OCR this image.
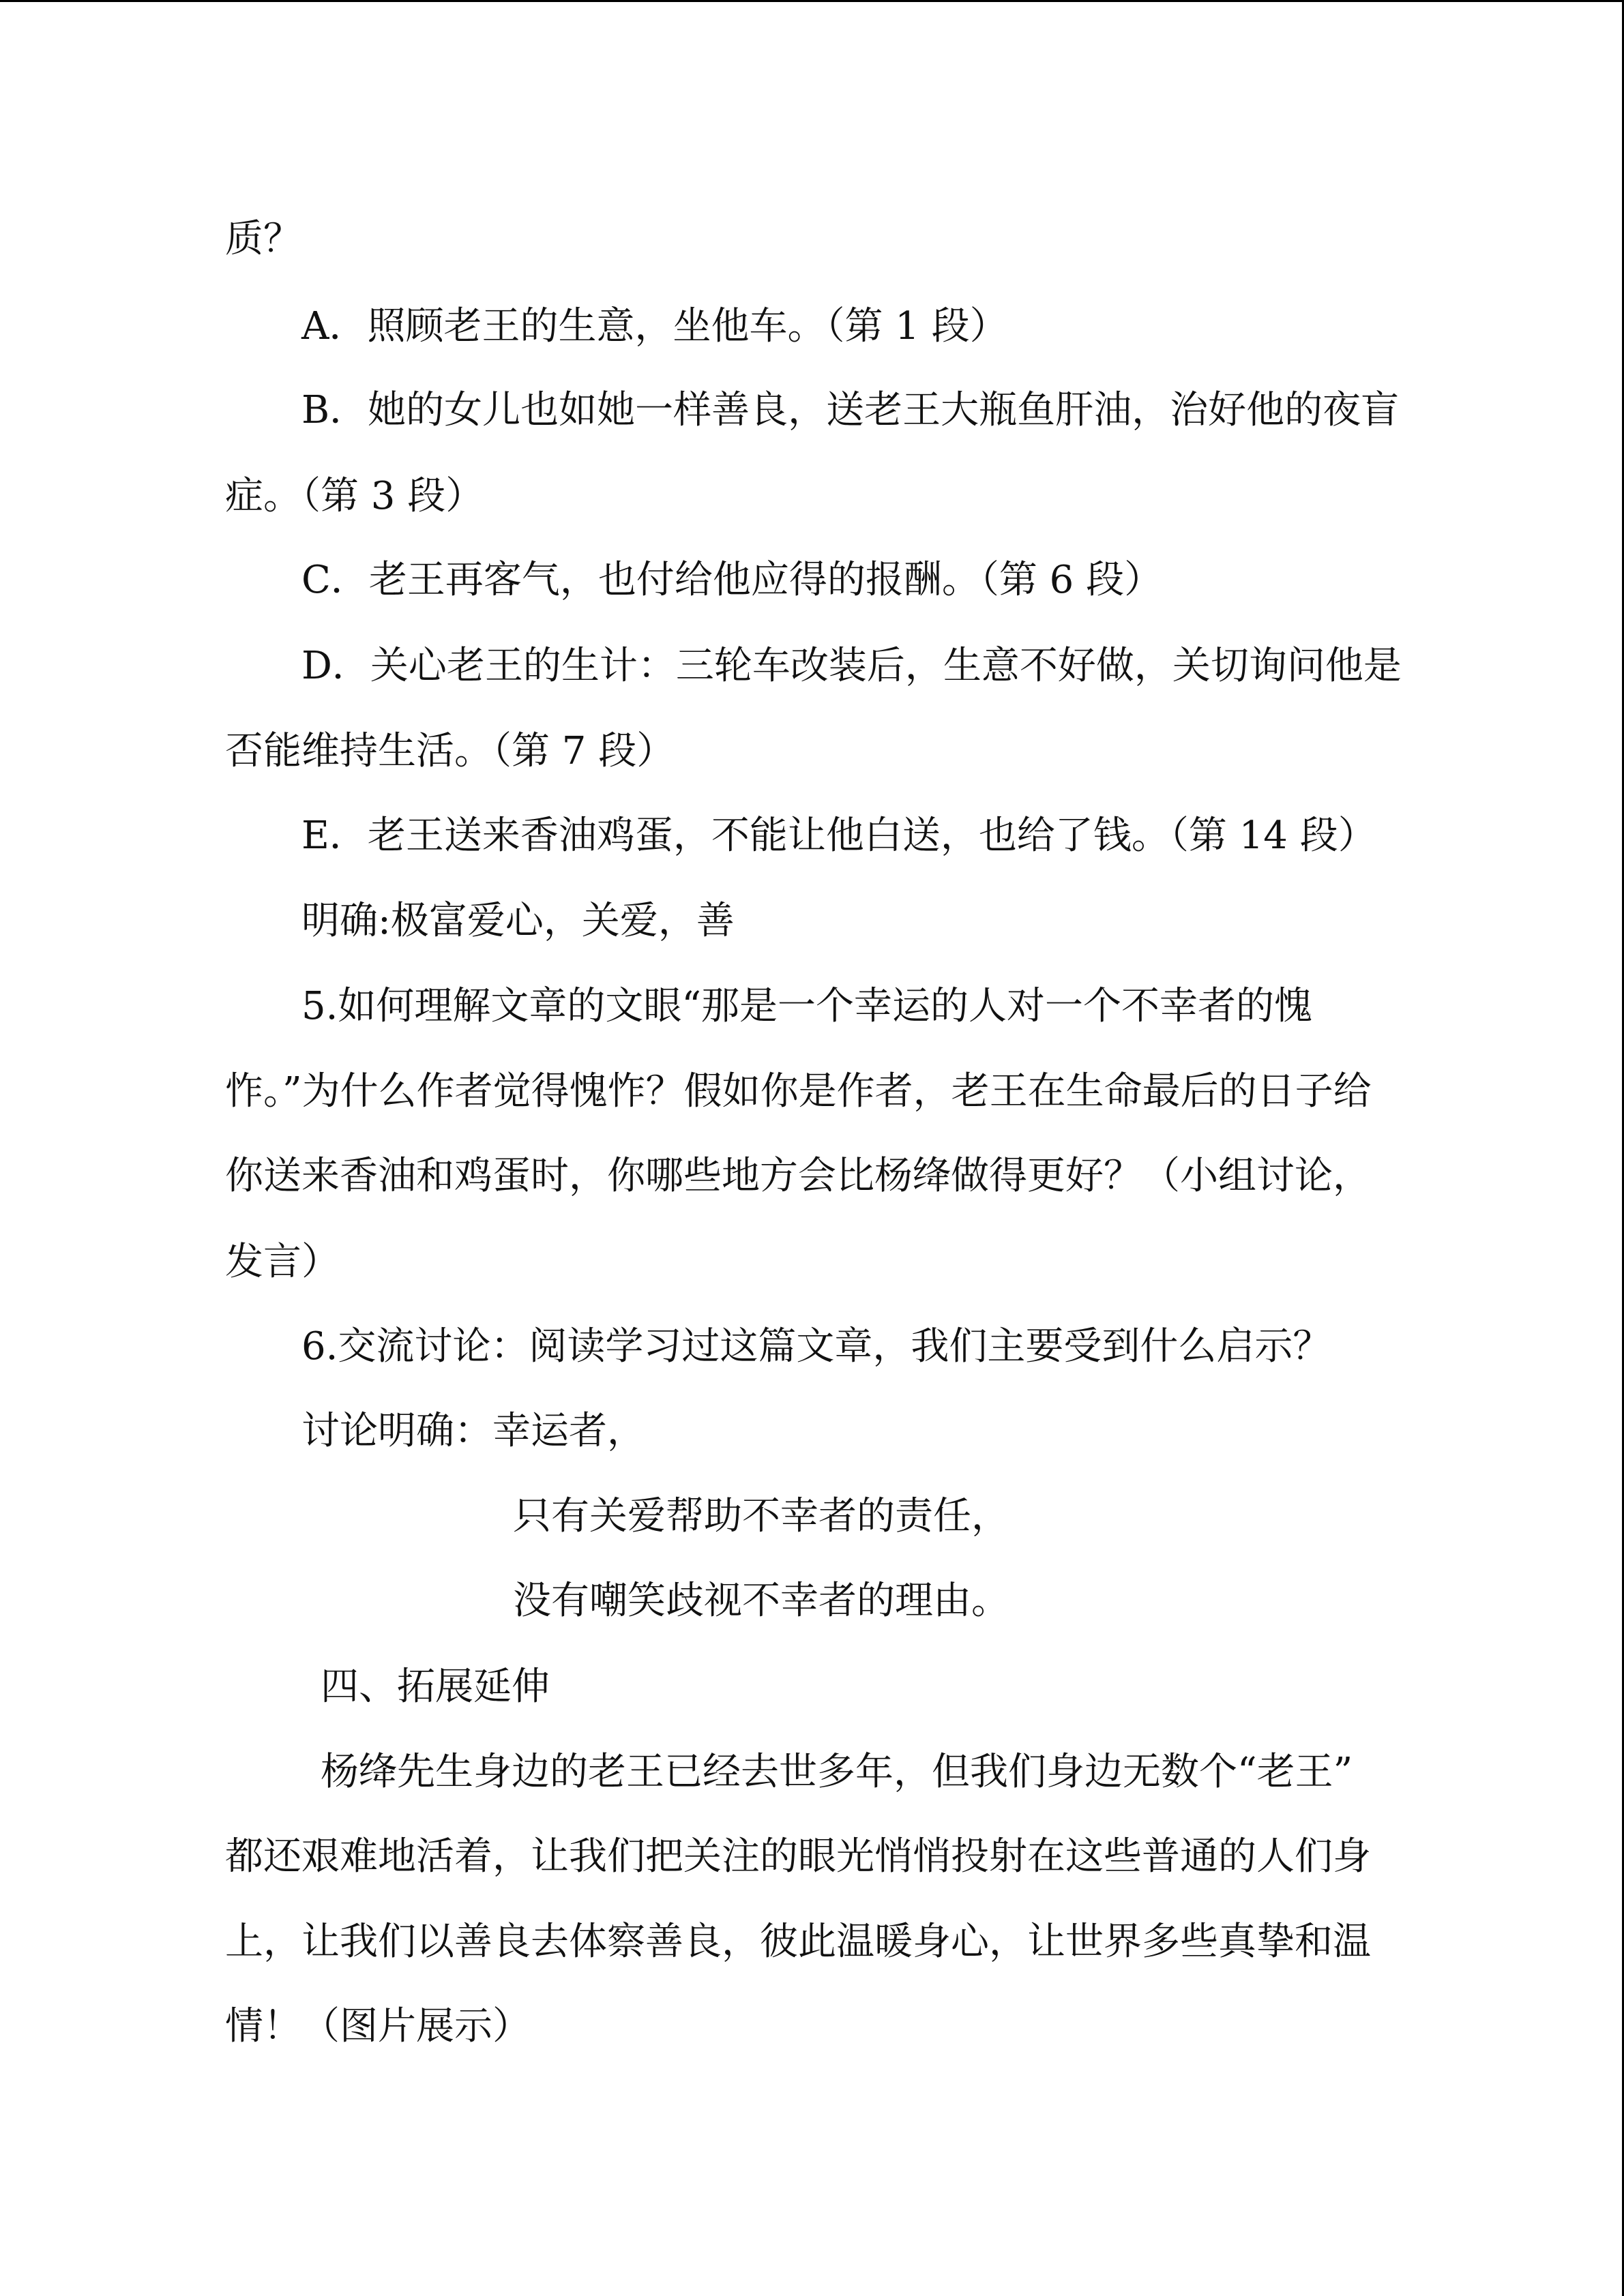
质？
A．照顾老王的生意，坐他车。（第 1 段）
B．她的女儿也如她一样善良，送老王大瓶鱼肝油，治好他的夜盲
症。（第 3 段）
C．老王再客气，也付给他应得的报酬。（第 6 段）
D．关心老王的生计：三轮车改装后，生意不好做，关切询问他是
否能维持生活。（第 7 段）
E．老王送来香油鸡蛋，不能让他白送，也给了钱。（第 14 段）
明确:极富爱心，关爱，善
5.如何理解文章的文眼“那是一个幸运的人对一个不幸者的愧
怍。”为什么作者觉得愧怍？假如你是作者，老王在生命最后的日子给
你送来香油和鸡蛋时，你哪些地方会比杨绛做得更好？（小组讨论，
发言）
6.交流讨论：阅读学习过这篇文章，我们主要受到什么启示？
讨论明确：幸运者，
只有关爱帮助不幸者的责任，
没有嘲笑歧视不幸者的理由。
四、拓展延伸
杨绛先生身边的老王已经去世多年，但我们身边无数个“老王”
都还艰难地活着，让我们把关注的眼光悄悄投射在这些普通的人们身
上，让我们以善良去体察善良，彼此温暖身心，让世界多些真挚和温
情！（图片展示）
